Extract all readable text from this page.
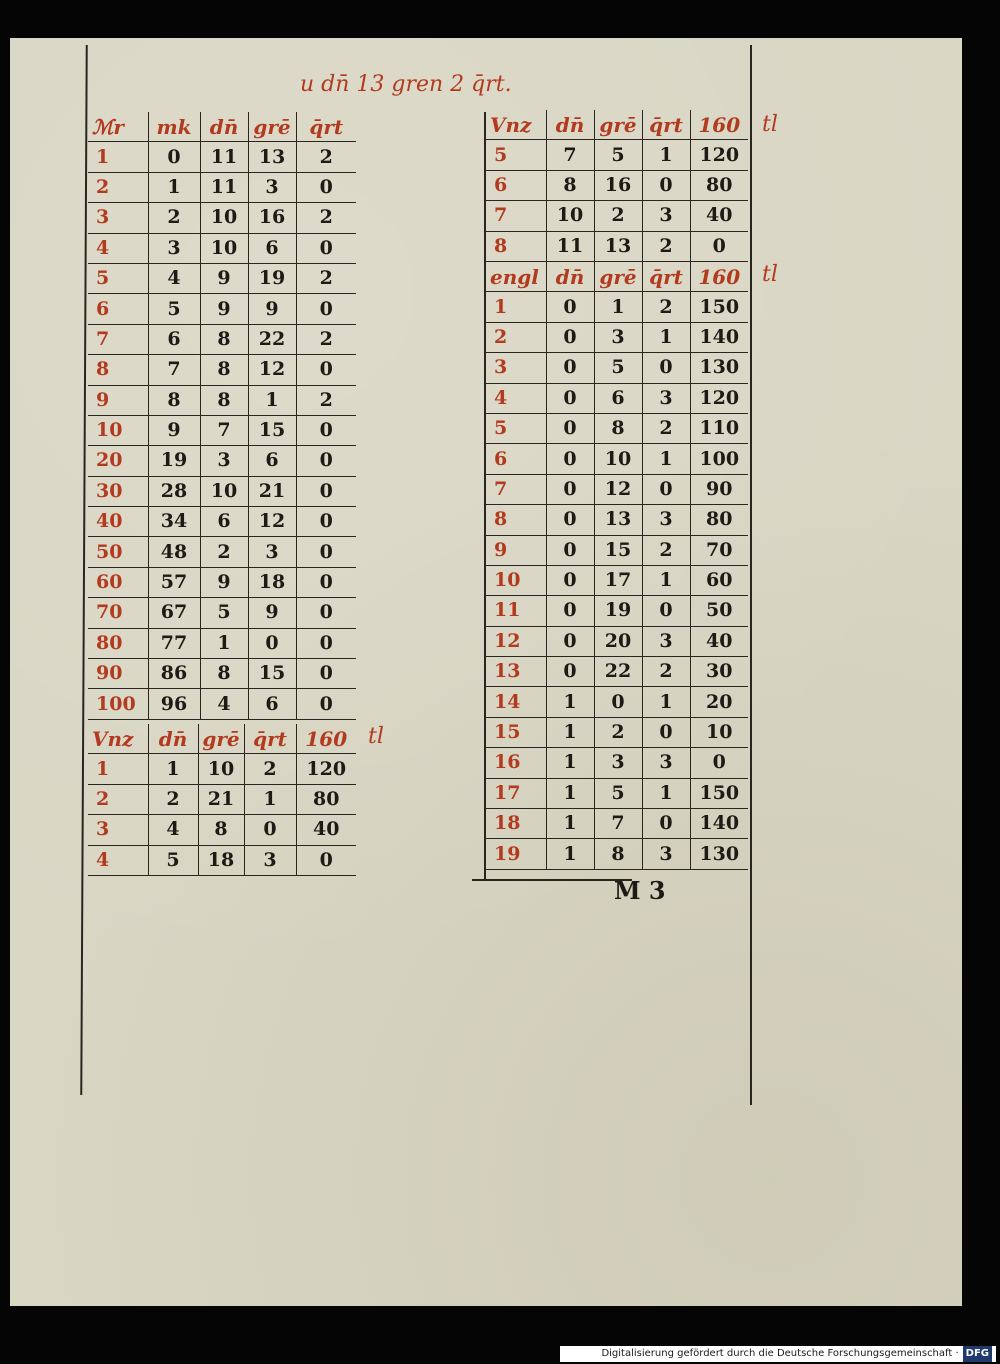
u dn̄ 13 gren 2 q̄rt.
ℳr	mk	dn̄	grē	q̄rt
1	0	11	13	2
2	1	11	3	0
3	2	10	16	2
4	3	10	6	0
5	4	9	19	2
6	5	9	9	0
7	6	8	22	2
8	7	8	12	0
9	8	8	1	2
10	9	7	15	0
20	19	3	6	0
30	28	10	21	0
40	34	6	12	0
50	48	2	3	0
60	57	9	18	0
70	67	5	9	0
80	77	1	0	0
90	86	8	15	0
100	96	4	6	0
Vnz	dn̄	grē	q̄rt	160
1	1	10	2	120
2	2	21	1	80
3	4	8	0	40
4	5	18	3	0
tl
Vnz	dn̄	grē	q̄rt	160
5	7	5	1	120
6	8	16	0	80
7	10	2	3	40
8	11	13	2	0
tl
engl	dn̄	grē	q̄rt	160
1	0	1	2	150
2	0	3	1	140
3	0	5	0	130
4	0	6	3	120
5	0	8	2	110
6	0	10	1	100
7	0	12	0	90
8	0	13	3	80
9	0	15	2	70
10	0	17	1	60
11	0	19	0	50
12	0	20	3	40
13	0	22	2	30
14	1	0	1	20
15	1	2	0	10
16	1	3	3	0
17	1	5	1	150
18	1	7	0	140
19	1	8	3	130
tl
M 3
Digitalisierung gefördert durch die Deutsche Forschungsgemeinschaft · DFG
